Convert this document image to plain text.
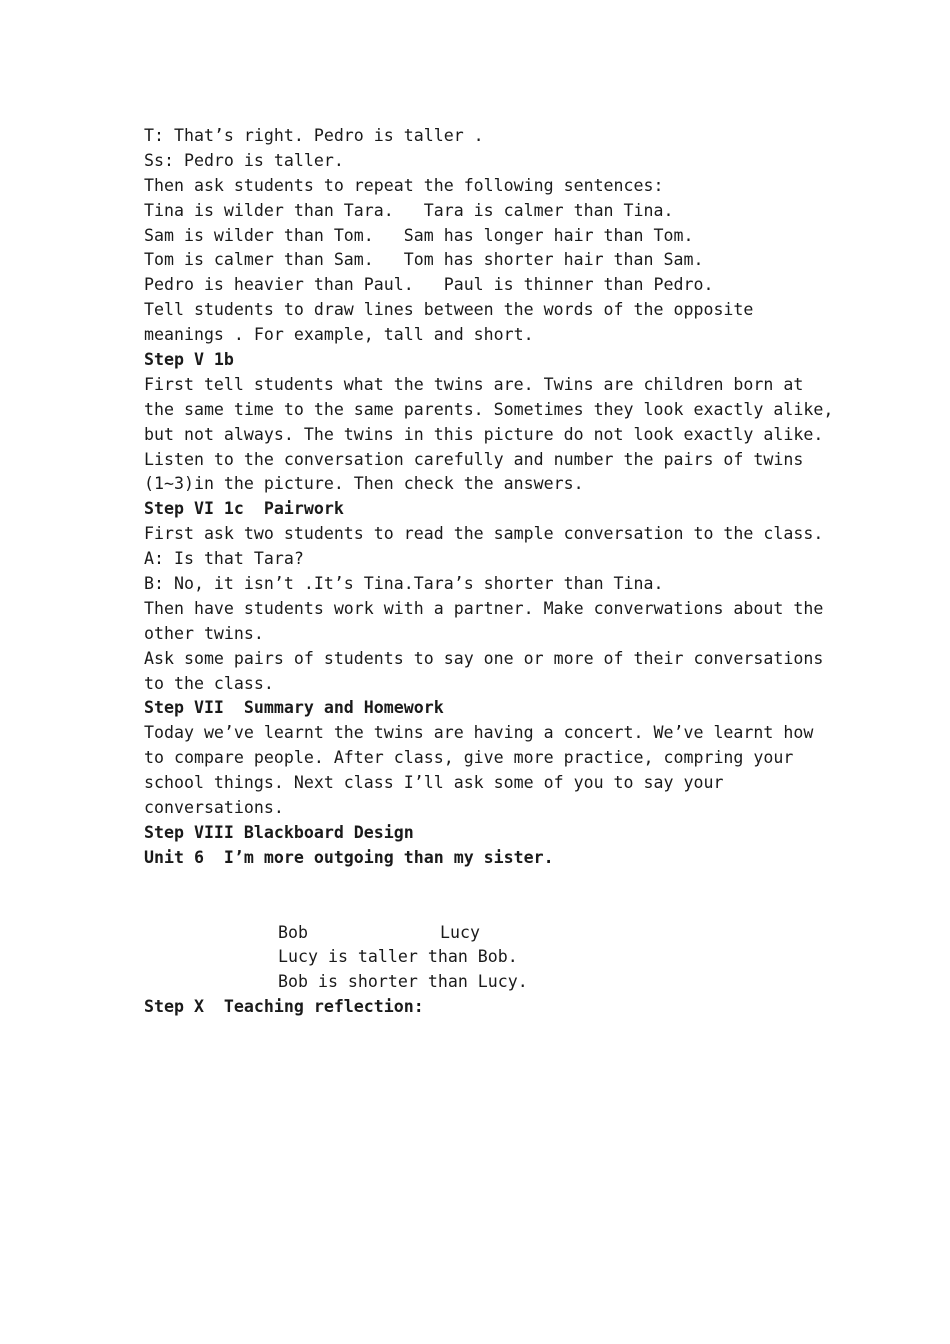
T: That’s right. Pedro is taller .
Ss: Pedro is taller.
Then ask students to repeat the following sentences:
Tina is wilder than Tara.   Tara is calmer than Tina.
Sam is wilder than Tom.   Sam has longer hair than Tom.
Tom is calmer than Sam.   Tom has shorter hair than Sam.
Pedro is heavier than Paul.   Paul is thinner than Pedro.
Tell students to draw lines between the words of the opposite
meanings . For example, tall and short.
Step V 1b
First tell students what the twins are. Twins are children born at
the same time to the same parents. Sometimes they look exactly alike,
but not always. The twins in this picture do not look exactly alike.
Listen to the conversation carefully and number the pairs of twins
(1~3)in the picture. Then check the answers.
Step VI 1c  Pairwork
First ask two students to read the sample conversation to the class.
A: Is that Tara?
B: No, it isn’t .It’s Tina.Tara’s shorter than Tina.
Then have students work with a partner. Make converwations about the
other twins.
Ask some pairs of students to say one or more of their conversations
to the class.
Step VII  Summary and Homework
Today we’ve learnt the twins are having a concert. We’ve learnt how
to compare people. After class, give more practice, compring your
school things. Next class I’ll ask some of you to say your
conversations.
Step VIII Blackboard Design
Unit 6  I’m more outgoing than my sister.
Bob	Lucy
Lucy is taller than Bob.
Bob is shorter than Lucy.
Step X  Teaching reflection:
